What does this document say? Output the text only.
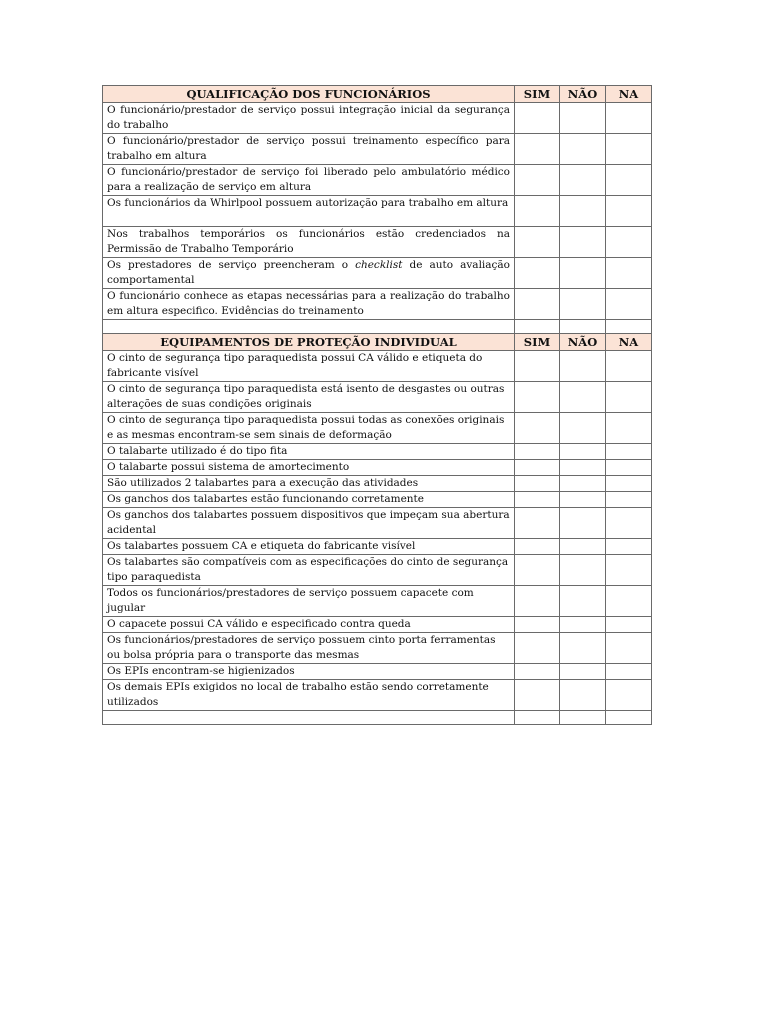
QUALIFICAÇÃO DOS FUNCIONÁRIOS	SIM	NÃO	NA
O funcionário/prestador de serviço possui integração inicial da segurança do trabalho			
O funcionário/prestador de serviço possui treinamento específico para trabalho em altura			
O funcionário/prestador de serviço foi liberado pelo ambulatório médico para a realização de serviço em altura			
Os funcionários da Whirlpool possuem autorização para trabalho em altura			
Nos trabalhos temporários os funcionários estão credenciados na Permissão de Trabalho Temporário			
Os prestadores de serviço preencheram o checklist de auto avaliação comportamental			
O funcionário conhece as etapas necessárias para a realização do trabalho em altura especifico. Evidências do treinamento			

EQUIPAMENTOS DE PROTEÇÃO INDIVIDUAL	SIM	NÃO	NA
O cinto de segurança tipo paraquedista possui CA válido e etiqueta do fabricante visível			
O cinto de segurança tipo paraquedista está isento de desgastes ou outras alterações de suas condições originais			
O cinto de segurança tipo paraquedista possui todas as conexões originais e as mesmas encontram-se sem sinais de deformação			
O talabarte utilizado é do tipo fita			
O talabarte possui sistema de amortecimento			
São utilizados 2 talabartes para a execução das atividades			
Os ganchos dos talabartes estão funcionando corretamente			
Os ganchos dos talabartes possuem dispositivos que impeçam sua abertura acidental			
Os talabartes possuem CA e etiqueta do fabricante visível			
Os talabartes são compatíveis com as especificações do cinto de segurança tipo paraquedista			
Todos os funcionários/prestadores de serviço possuem capacete com jugular			
O capacete possui CA válido e especificado contra queda			
Os funcionários/prestadores de serviço possuem cinto porta ferramentas ou bolsa própria para o transporte das mesmas			
Os EPIs encontram-se higienizados			
Os demais EPIs exigidos no local de trabalho estão sendo corretamente utilizados			
